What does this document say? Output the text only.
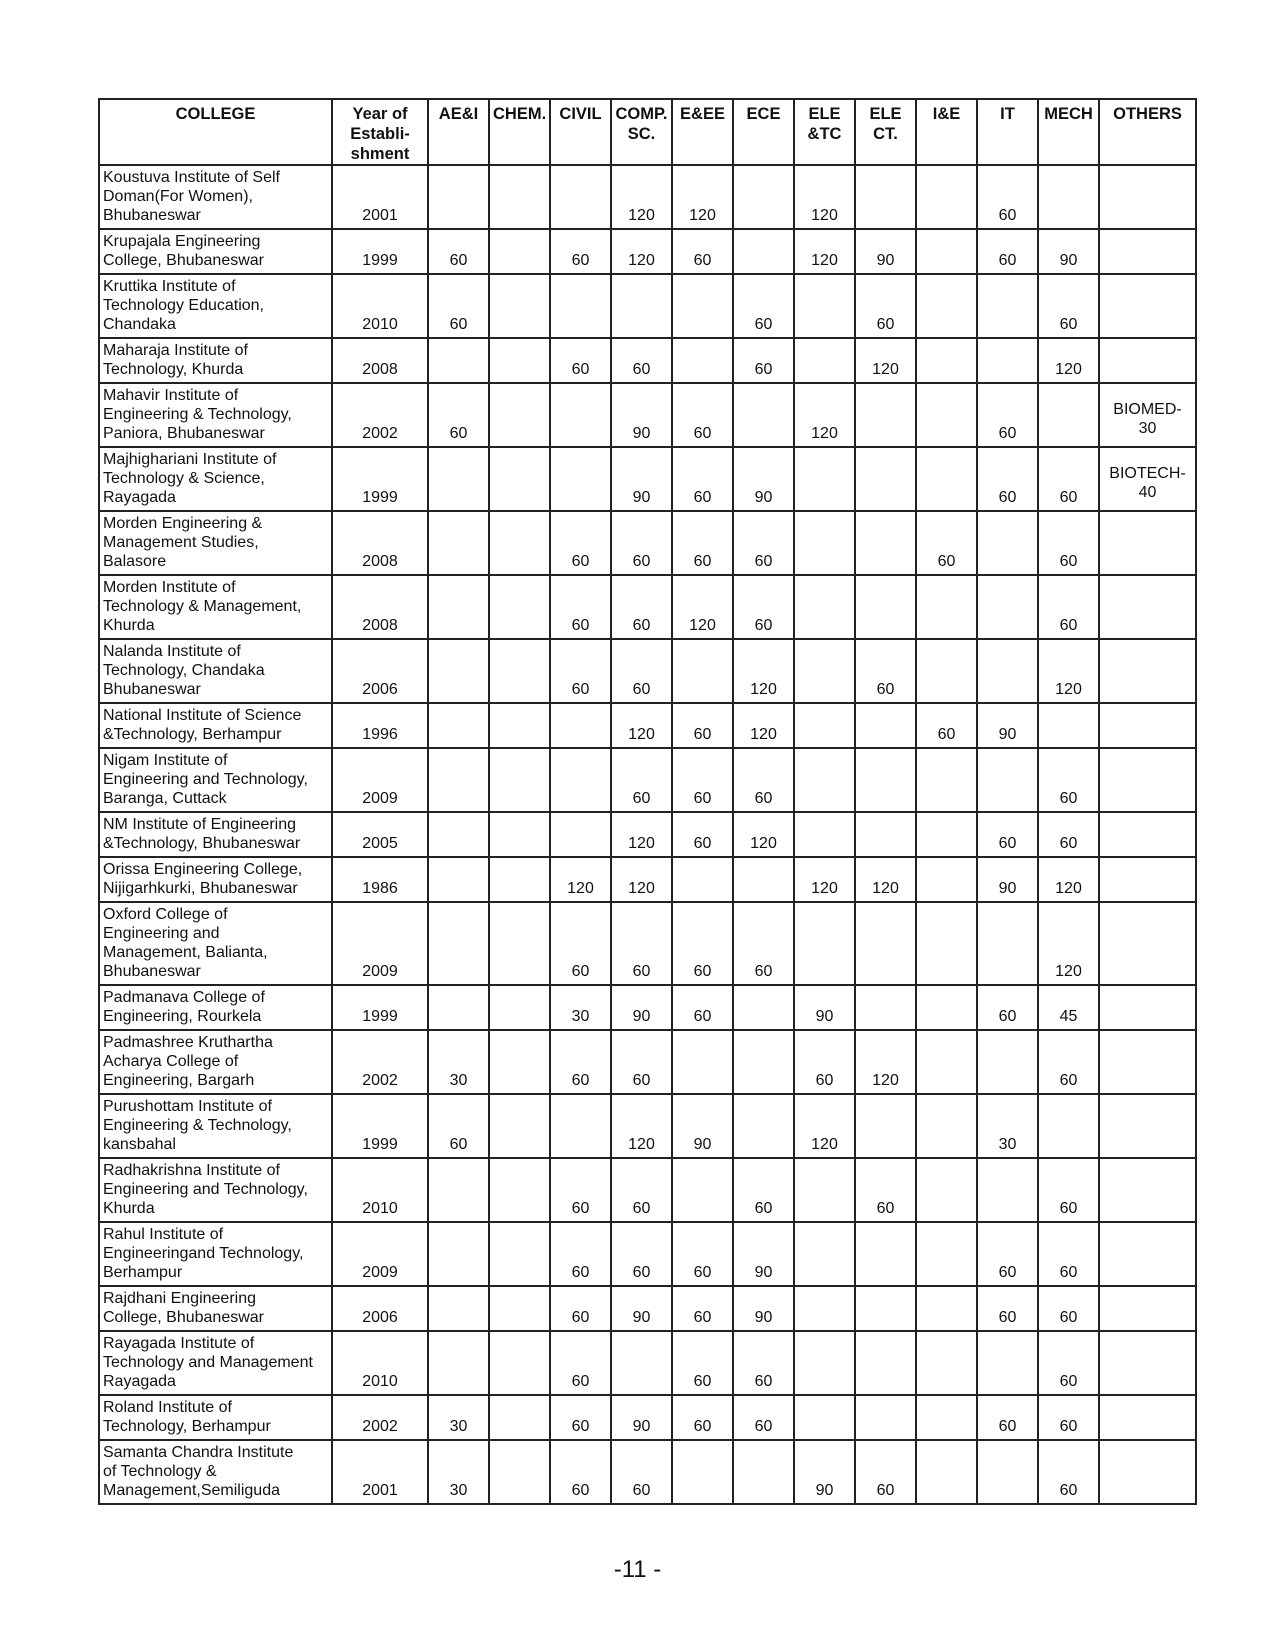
COLLEGE	Year of
Establi-
shment	AE&I	CHEM.	CIVIL	COMP.
SC.	E&EE	ECE	ELE
&TC	ELE
CT.	I&E	IT	MECH	OTHERS
Koustuva Institute of Self
Doman(For Women),
Bhubaneswar	2001				120	120		120			60		
Krupajala Engineering
College, Bhubaneswar	1999	60		60	120	60		120	90		60	90	
Kruttika Institute of
Technology Education,
Chandaka	2010	60					60		60			60	
Maharaja Institute of
Technology, Khurda	2008			60	60		60		120			120	
Mahavir Institute of
Engineering & Technology,
Paniora, Bhubaneswar	2002	60			90	60		120			60		BIOMED-
30
Majhighariani Institute of
Technology & Science,
Rayagada	1999				90	60	90				60	60	BIOTECH-
40
Morden Engineering &
Management Studies,
Balasore	2008			60	60	60	60			60		60	
Morden Institute of
Technology & Management,
Khurda	2008			60	60	120	60					60	
Nalanda Institute of
Technology, Chandaka
Bhubaneswar	2006			60	60		120		60			120	
National Institute of Science
&Technology, Berhampur	1996				120	60	120			60	90		
Nigam Institute of
Engineering and Technology,
Baranga, Cuttack	2009				60	60	60					60	
NM Institute of Engineering
&Technology, Bhubaneswar	2005				120	60	120				60	60	
Orissa Engineering College,
Nijigarhkurki, Bhubaneswar	1986			120	120			120	120		90	120	
Oxford College of
Engineering and
Management, Balianta,
Bhubaneswar	2009			60	60	60	60					120	
Padmanava College of
Engineering, Rourkela	1999			30	90	60		90			60	45	
Padmashree Kruthartha
Acharya College of
Engineering, Bargarh	2002	30		60	60			60	120			60	
Purushottam Institute of
Engineering & Technology,
kansbahal	1999	60			120	90		120			30		
Radhakrishna Institute of
Engineering and Technology,
Khurda	2010			60	60		60		60			60	
Rahul Institute of
Engineeringand Technology,
Berhampur	2009			60	60	60	90				60	60	
Rajdhani Engineering
College, Bhubaneswar	2006			60	90	60	90				60	60	
Rayagada Institute of
Technology and Management
Rayagada	2010			60		60	60					60	
Roland Institute of
Technology, Berhampur	2002	30		60	90	60	60				60	60	
Samanta Chandra Institute
of Technology &
Management,Semiliguda	2001	30		60	60			90	60			60	
-11 -
